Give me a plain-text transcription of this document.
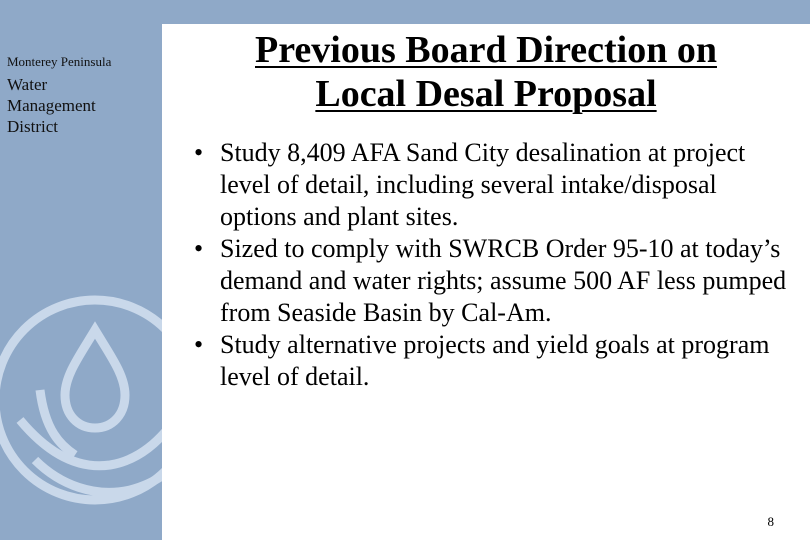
Monterey Peninsula
Water
Management
District
Previous Board Direction on
Local Desal Proposal
• Study 8,409 AFA Sand City desalination at project level of detail, including several intake/disposal options and plant sites.
• Sized to comply with SWRCB Order 95-10 at today’s demand and water rights; assume 500 AF less pumped from Seaside Basin by Cal-Am.
• Study alternative projects and yield goals at program level of detail.
8
